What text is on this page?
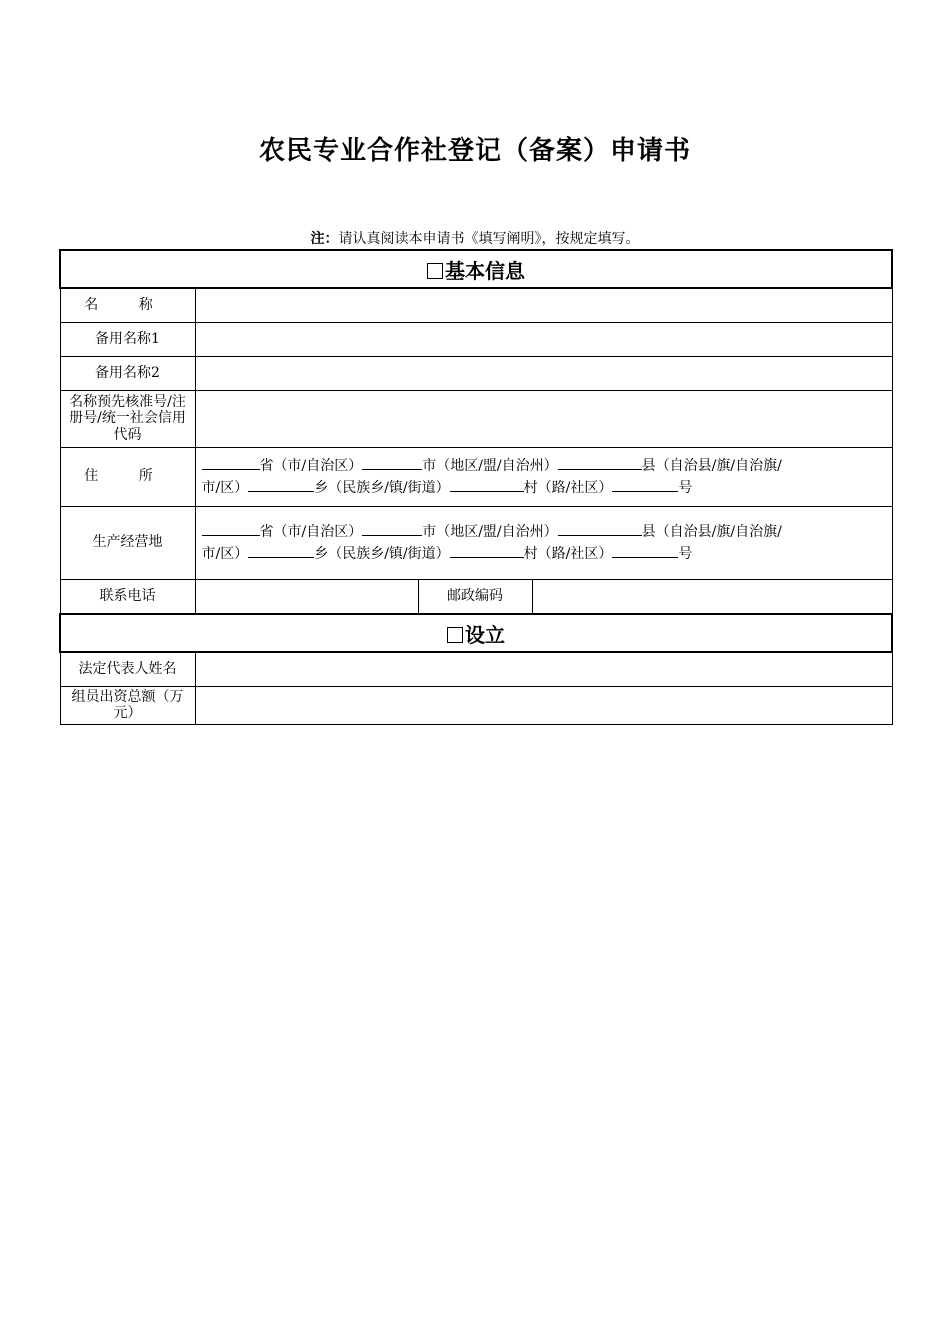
农民专业合作社登记（备案）申请书
注：请认真阅读本申请书《填写阐明》，按规定填写。
基本信息			
名 称			
备用名称1			
备用名称2			
名称预先核准号/注册号/统一社会信用代码			
住 所	省（市/自治区） 市（地区/盟/自治州） 县（自治县/旗/自治旗/
市/区） 乡（民族乡/镇/街道） 村（路/社区） 号		
生产经营地	省（市/自治区） 市（地区/盟/自治州） 县（自治县/旗/自治旗/
市/区） 乡（民族乡/镇/街道） 村（路/社区） 号		
联系电话		邮政编码	
设立			
法定代表人姓名			
组员出资总额（万元）			
